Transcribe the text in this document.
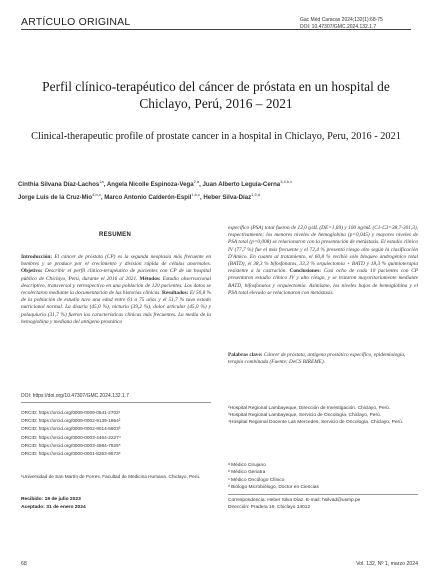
ARTÍCULO ORIGINAL	Gac Méd Caracas 2024;132(1):68-75
DOI: 10.47307/GMC.2024.132.1.7
Perfil clínico-terapéutico del cáncer de próstata en un hospital de Chiclayo, Perú, 2016 – 2021
Clinical-therapeutic profile of prostate cancer in a hospital in Chiclayo, Peru, 2016 - 2021
Cinthia Silvana Díaz-Lachos$^{1a}$, Angela Nicolle Espinoza-Vega$^{2,a}$, Juan Alberto Leguía-Cerna$^{3,4,b,c}$
Jorge Luis de la Cruz-Mio$^{4,b,c}$, Marco Antonio Calderón-Espil$^{1,b,c}$, Heber Silva-Díaz$^{1,5,d}$
RESUMEN
Introducción: El cáncer de próstata (CP) es la segunda neoplasia más frecuente en hombres y se produce por el crecimiento y división rápida de células anormales. Objetivo: Describir el perfil clínico-terapéutico de pacientes con CP de un hospital público de Chiclayo, Perú, durante el 2016 al 2021. Métodos: Estudio observacional descriptivo, transversal y retrospectivo en una población de 120 pacientes. Los datos se recolectaron mediante la documentación de las historias clínicas. Resultados: El 50,8 % de la población de estudio tuvo una edad entre 61 a 75 años y el 51,7 % tuvo estado nutricional normal. La disuria (45,0 %), nicturia (39,2 %), dolor articular (45,0 %) y polaquiuria (31,7 %) fueron las características clínicas más frecuentes. La media de la hemoglobina y mediana del antígeno prostático
específico (PSA) total fueron de 12,0 g/dL (DE=1,69) y 100 ng/mL (C1-C3=38,7-301,3), respectivamente; los menores niveles de hemoglobina (p=0,045) y mayores niveles de PSA total (p=0,008) se relacionaron con la presentación de metástasis. El estadio clínico IV (77,7 %) fue el más frecuente y el 72,4 % presentó riesgo alto según la clasificación D'Amico. En cuanto al tratamiento, el 60,8 % recibió solo bloqueo androgénico total (BATD), el 38,3 % bifosfonatos, 33,3 % orquiectomía + BATD y 18,3 % quimioterapia resistente a la castración. Conclusiones: Casi ocho de cada 10 pacientes con CP presentaron estadio clínico IV y alto riesgo, y se trataron mayoritariamente mediante BATD, bifosfonatos y orquiectomía. Asimismo, los niveles bajos de hemoglobina y el PSA total elevado se relacionaron con metástasis.
Palabras clave: Cáncer de próstata, antígeno prostático específico, epidemiología, terapia combinada (Fuente: DeCS BIREME).
DOI: https://doi.org/10.47307/GMC.2024.132.1.7
ORCID: https://orcid.org/0009-0009-0541-2702¹
ORCID: https://orcid.org/0009-0002-9139-1964²
ORCID: https://orcid.org/0009-0002-9014-5603³
ORCID: https://orcid.org/0000-0003-4464-2227⁴
ORCID: https://orcid.org/0009-0003-4984-7825⁵
ORCID: https://orcid.org/0000-0001-8263-9673⁶
¹Universidad de San Martín de Porres, Facultad de Medicina Humana. Chiclayo, Perú.
Recibido: 19 de julio 2023
Aceptado: 31 de enero 2024
²Hospital Regional Lambayeque, Dirección de Investigación. Chiclayo, Perú.
³Hospital Regional Lambayeque, Servicio de Oncología. Chiclayo, Perú.
⁴Hospital Regional Docente Las Mercedes, Servicio de Oncología. Chiclayo, Perú.
ᵃ Médico Cirujano
ᵇ Médico Geriatra
ᶜ Médico Oncólogo Clínico
ᵈ Biólogo Microbiólogo, Doctor en Ciencias
Correspondencia: Heber Silva Díaz. E-mail: hsilvad@usmp.pe
Dirección: Pradera 19, Chiclayo 14012
68	Vol. 132, Nº 1, marzo 2024
